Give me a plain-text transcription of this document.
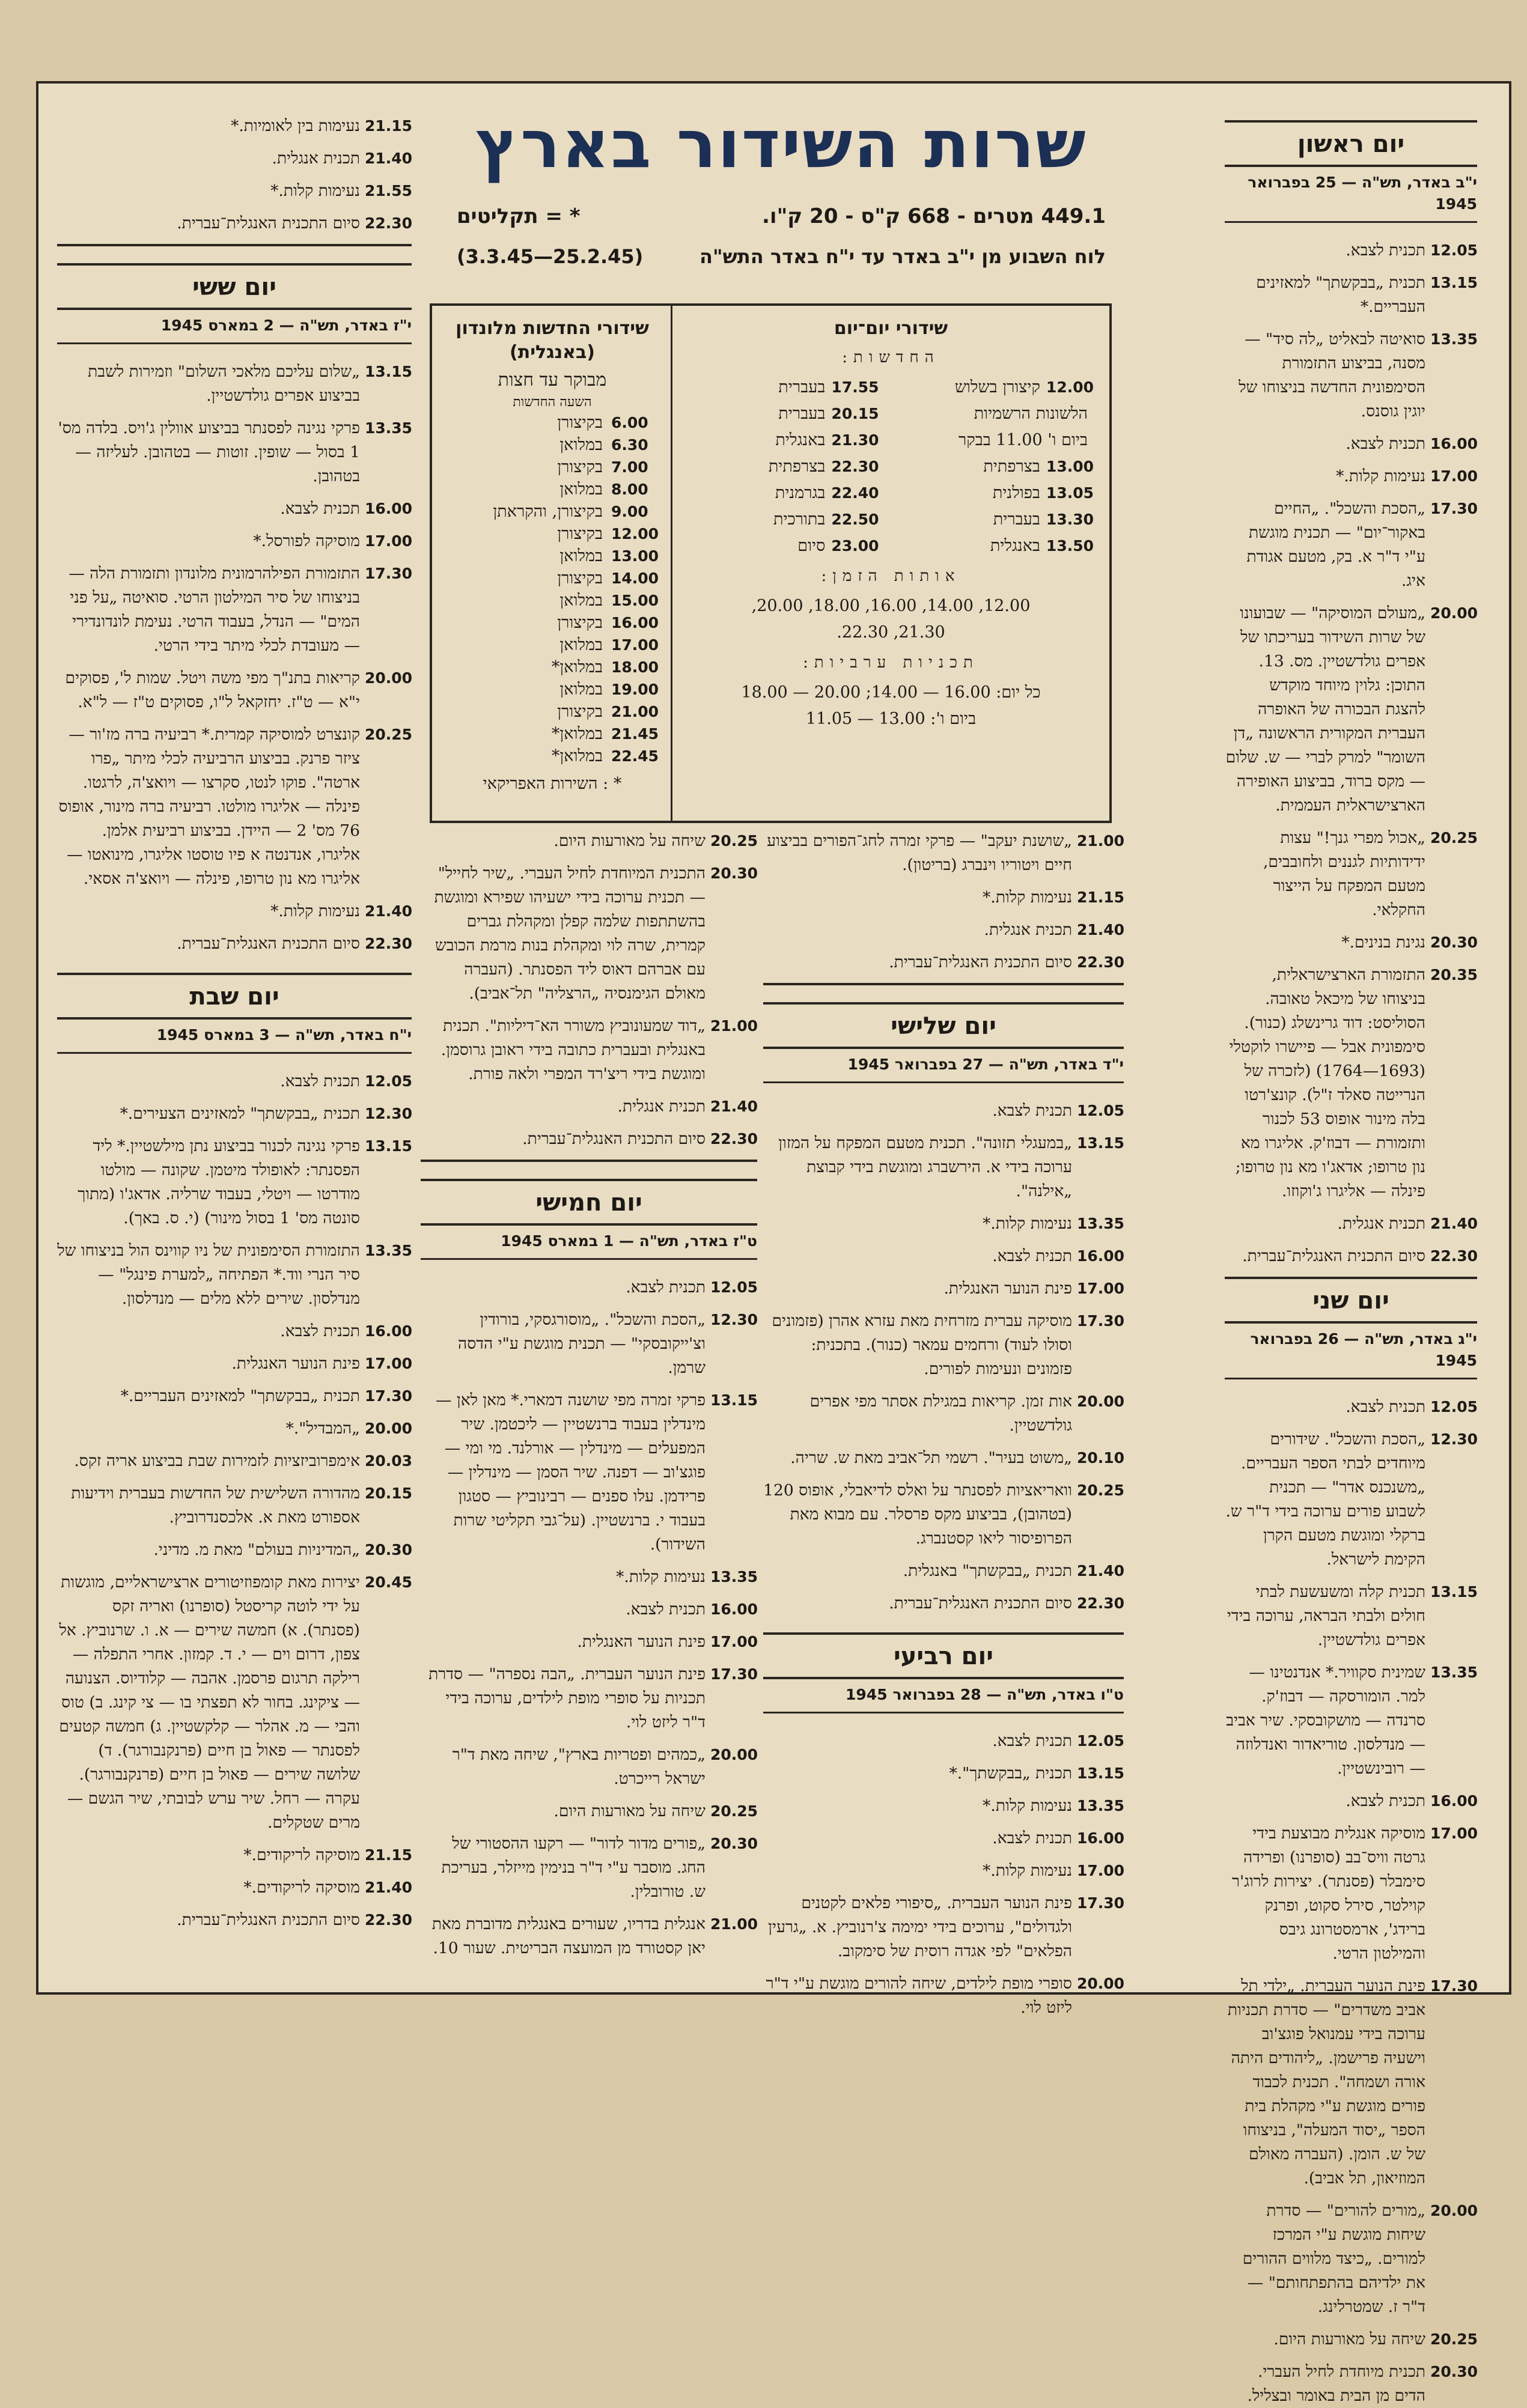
שרות השידור בארץ
449.1 מטרים - 668 ק"ס - 20 ק"ו.
* = תקליטים
לוח השבוע מן י"ב באדר עד י"ח באדר התש"ה
(25.2.45—3.3.45)
שידורי יום־יום
החדשות:
12.00
קיצורן בשלוש
17.55
בעברית
הלשונות הרשמיות
20.15
בעברית
ביום ו' 11.00 בבקר
21.30
באנגלית
13.00
בצרפתית
22.30
בצרפתית
13.05
בפולנית
22.40
בגרמנית
13.30
בעברית
22.50
בתורכית
13.50
באנגלית
23.00
סיום
אותות הזמן:
12.00, 14.00, 16.00, 18.00, 20.00,
21.30, 22.30.
תכניות ערביות:
כל יום: 16.00 — 14.00; 20.00 — 18.00
ביום ו': 13.00 — 11.05
שידורי החדשות מלונדון (באנגלית)
מבוקר עד חצות
השעה החדשות
6.00
בקיצורן
6.30
במלואן
7.00
בקיצורן
8.00
במלואן
9.00
בקיצורן, והקראתן
12.00
בקיצורן
13.00
במלואן
14.00
בקיצורן
15.00
במלואן
16.00
בקיצורן
17.00
במלואן
18.00
במלואן*
19.00
במלואן
21.00
בקיצורן
21.45
במלואן*
22.45
במלואן*
* : השירות האפריקאי
יום ראשון
י"ב באדר, תש"ה — 25 בפברואר 1945
12.05
תכנית לצבא.
13.15
תכנית „בבקשתך" למאזינים העבריים.*
13.35
סואיטה לבאליט „לה סיד" — מסנה, בביצוע התזמורת הסימפונית החדשה בניצוחו של יוגין גוסנס.
16.00
תכנית לצבא.
17.00
נעימות קלות.*
17.30
„הסכת והשכל". „החיים באקור־יום" — תכנית מוגשת ע"י ד"ר א. בק, מטעם אגודת איג.
20.00
„מעולם המוסיקה" — שבועונו של שרות השידור בעריכתו של אפרים גולדשטיין. מס. 13. התוכן: גלוין מיוחד מוקדש להצגת הבכורה של האופרה העברית המקורית הראשונה „דן השומר" למרק לברי — ש. שלום — מקס ברוד, בביצוע האופירה הארצישראלית העממית.
20.25
„אכול מפרי גנך!" עצות ידידותיות לגננים ולחובבים, מטעם המפקח על הייצור החקלאי.
20.30
נגינת בנינים.*
20.35
התזמורת הארצישראלית, בניצוחו של מיכאל טאובה. הסוליסט: דוד גרינשלג (כנור). סימפונית אבל — פיישרו לוקטלי (1693—1764) (לזכרה של הנרייטה סאלד ז"ל). קונצ'רטו בלה מינור אופוס 53 לכנור ותזמורת — דבוז'ק. אליגרו מא נון טרופו; אדאג'ו מא נון טרופו; פינלה — אליגרו ג'וקוזו.
21.40
תכנית אנגלית.
22.30
סיום התכנית האנגלית־עברית.
יום שני
י"ג באדר, תש"ה — 26 בפברואר 1945
12.05
תכנית לצבא.
12.30
„הסכת והשכל". שידורים מיוחדים לבתי הספר העבריים. „משנכנס אדר" — תכנית לשבוע פורים ערוכה בידי ד"ר ש. ברקלי ומוגשת מטעם הקרן הקימת לישראל.
13.15
תכנית קלה ומשעשעת לבתי חולים ולבתי הבראה, ערוכה בידי אפרים גולדשטיין.
13.35
שמינית סקוויר.* אנדנטינו — למר. הומורסקה — דבוז'ק. סרנדה — מושקובסקי. שיר אביב — מנדלסון. טוריאדור ואנדלוזה — רובינשטיין.
16.00
תכנית לצבא.
17.00
מוסיקה אנגלית מבוצעת בידי גרטה וויס־בב (סופרנו) ופרידה סימבלר (פסנתר). יצירות לרוג'ר קוילטר, סירל סקוט, ופרנק ברידג', ארמסטרונג גיבס והמילטון הרטי.
17.30
פינת הנוער העברית. „ילדי תל אביב משדרים" — סדרת תכניות ערוכה בידי עמנואל פוגצ'וב וישעיה פרישמן. „ליהודים היתה אורה ושמחה". תכנית לכבוד פורים מוגשת ע"י מקהלת בית הספר „יסוד המעלה", בניצוחו של ש. הומן. (העברה מאולם המוזיאון, תל אביב).
20.00
„מורים להורים" — סדרת שיחות מוגשת ע"י המרכז למורים. „כיצד מלווים ההורים את ילדיהם בהתפתחותם" — ד"ר ז. שמטרלינג.
20.25
שיחה על מאורעות היום.
20.30
תכנית מיוחדת לחיל העברי. הדים מן הבית באומר ובצליל.
21.00
„שושנת יעקב" — פרקי זמרה לחג־הפורים בביצוע חיים ויטוריו וינברג (בריטון).
21.15
נעימות קלות.*
21.40
תכנית אנגלית.
22.30
סיום התכנית האנגלית־עברית.
יום שלישי
י"ד באדר, תש"ה — 27 בפברואר 1945
12.05
תכנית לצבא.
13.15
„במעגלי תזונה". תכנית מטעם המפקח על המזון ערוכה בידי א. הירשברג ומוגשת בידי קבוצת „אילנה".
13.35
נעימות קלות.*
16.00
תכנית לצבא.
17.00
פינת הנוער האנגלית.
17.30
מוסיקה עברית מזרחית מאת עזרא אהרן (פזמונים וסולו לעוד) ורחמים עמאר (כנור). בתכנית: פזמונים ונעימות לפורים.
20.00
אות זמן. קריאות במגילת אסתר מפי אפרים גולדשטיין.
20.10
„משוט בעיר". רשמי תל־אביב מאת ש. שריה.
20.25
וואריאציות לפסנתר על ואלס לדיאבלי, אופוס 120 (בטהובן), בביצוע מקס פרסלר. עם מבוא מאת הפרופיסור ליאו קסטנברג.
21.40
תכנית „בבקשתך" באנגלית.
22.30
סיום התכנית האנגלית־עברית.
יום רביעי
ט"ו באדר, תש"ה — 28 בפברואר 1945
12.05
תכנית לצבא.
13.15
תכנית „בבקשתך".*
13.35
נעימות קלות.*
16.00
תכנית לצבא.
17.00
נעימות קלות.*
17.30
פינת הנוער העברית. „סיפורי פלאים לקטנים ולגדולים", ערוכים בידי ימימה צ'רנוביץ. א. „גרעין הפלאים" לפי אגדה רוסית של סימקוב.
20.00
סופרי מופת לילדים, שיחה להורים מוגשת ע"י ד"ר ליזט לוי.
20.25
שיחה על מאורעות היום.
20.30
התכנית המיוחדת לחיל העברי. „שיר לחייל" — תכנית ערוכה בידי ישעיהו שפירא ומוגשת בהשתתפות שלמה קפלן ומקהלת גברים קמרית, שרה לוי ומקהלת בנות מרמת הכובש עם אברהם דאוס ליד הפסנתר. (העברה מאולם הגימנסיה „הרצליה" תל־אביב).
21.00
„דוד שמעונוביץ משורר הא־דיליות". תכנית באנגלית ובעברית כתובה בידי ראובן גרוסמן. ומוגשת בידי ריצ'רד המפרי ולאה פורת.
21.40
תכנית אנגלית.
22.30
סיום התכנית האנגלית־עברית.
יום חמישי
ט"ז באדר, תש"ה — 1 במארס 1945
12.05
תכנית לצבא.
12.30
„הסכת והשכל". „מוסורגסקי, בורודין וצ'ייקובסקי" — תכנית מוגשת ע"י הדסה שרמן.
13.15
פרקי זמרה מפי שושנה דמארי.* מאן לאן — מינדלין בעבוד ברנשטיין — ליכטמן. שיר המפעלים — מינדלין — אורלנד. מי ומי — פוגצ'וב — דפנה. שיר הסמן — מינדלין — פרידמן. עלו ספנים — רבינוביץ — סטגון בעבוד י. ברנשטיין. (על־גבי תקליטי שרות השידור).
13.35
נעימות קלות.*
16.00
תכנית לצבא.
17.00
פינת הנוער האנגלית.
17.30
פינת הנוער העברית. „הבה נספרה" — סדרת תכניות על סופרי מופת לילדים, ערוכה בידי ד"ר ליזט לוי.
20.00
„כמהים ופטריות בארץ", שיחה מאת ד"ר ישראל רייכרט.
20.25
שיחה על מאורעות היום.
20.30
„פורים מדור לדור" — רקעו ההסטורי של החג. מוסבר ע"י ד"ר בנימין מייזלר, בעריכת ש. טורובלין.
21.00
אנגלית בדריו, שעורים באנגלית מדוברת מאת יאן קסטורד מן המועצה הבריטית. שעור 10.
21.15
נעימות בין לאומיות.*
21.40
תכנית אנגלית.
21.55
נעימות קלות.*
22.30
סיום התכנית האנגלית־עברית.
יום ששי
י"ז באדר, תש"ה — 2 במארס 1945
13.15
„שלום עליכם מלאכי השלום" וזמירות לשבת בביצוע אפרים גולדשטיין.
13.35
פרקי נגינה לפסנתר בביצוע אוולין ג'ויס. בלדה מס' 1 בסול — שופין. זוטות — בטהובן. לעליזה — בטהובן.
16.00
תכנית לצבא.
17.00
מוסיקה לפורסל.*
17.30
התזמורת הפילהרמונית מלונדון ותזמורת הלה — בניצוחו של סיר המילטון הרטי. סואיטה „על פני המים" — הנדל, בעבוד הרטי. נעימת לונדונדירי — מעובדת לכלי מיתר בידי הרטי.
20.00
קריאות בתנ"ך מפי משה ויטל. שמות ל', פסוקים י"א — ט"ז. יחזקאל ל"ו, פסוקים ט"ז — ל"א.
20.25
קונצרט למוסיקה קמרית.* רביעיה ברה מז'ור — ציזר פרנק. בביצוע הרביעיה לכלי מיתר „פרו ארטה". פוקו לנטו, סקרצו — ויואצ'ה, לרגטו. פינלה — אליגרו מולטו. רביעיה ברה מינור, אופוס 76 מס' 2 — היידן. בביצוע רביעית אלמן. אליגרו, אנדנטה א פיו טוסטו אליגרו, מינואטו — אליגרו מא נון טרופו, פינלה — ויואצ'ה אסאי.
21.40
נעימות קלות.*
22.30
סיום התכנית האנגלית־עברית.
יום שבת
י"ח באדר, תש"ה — 3 במארס 1945
12.05
תכנית לצבא.
12.30
תכנית „בבקשתך" למאזינים הצעירים.*
13.15
פרקי נגינה לכנור בביצוע נתן מילשטיין.* ליד הפסנתר: לאופולד מיטמן. שקונה — מולטו מודרטו — ויטלי, בעבוד שרליה. אדאג'ו (מתוך סונטה מס' 1 בסול מינור) (י. ס. באך).
13.35
התזמורת הסימפונית של ניו קווינס הול בניצוחו של סיר הנרי ווד.* הפתיחה „למערת פינגל" — מנדלסון. שירים ללא מלים — מנדלסון.
16.00
תכנית לצבא.
17.00
פינת הנוער האנגלית.
17.30
תכנית „בבקשתך" למאזינים העבריים.*
20.00
„המבדיל".*
20.03
אימפרוביזציות לזמירות שבת בביצוע אריה זקס.
20.15
מהדורה השלישית של החדשות בעברית וידיעות אספורט מאת א. אלכסנדרוביץ.
20.30
„המדיניות בעולם" מאת מ. מדיני.
20.45
יצירות מאת קומפוזיטורים ארצישראליים, מוגשות על ידי לוטה קריסטל (סופרנו) ואריה זקס (פסנתר). א) חמשה שירים — א. ו. שרנוביץ. אל צפון, דרום וים — י. ד. קמזון. אחרי התפלה — רילקה תרגום פרסמן. אהבה — קלודיוס. הצנועה — ציקינג. בחור לא תפצתי בו — צי קינג. ב) טוס והבי — מ. אהלר — קלקשטיין. ג) חמשה קטעים לפסנתר — פאול בן חיים (פרנקנבורגר). ד) שלושה שירים — פאול בן חיים (פרנקנבורגר). עקרה — רחל. שיר ערש לבובתי, שיר הגשם — מרים שטקלים.
21.15
מוסיקה לריקודים.*
21.40
מוסיקה לריקודים.*
22.30
סיום התכנית האנגלית־עברית.
